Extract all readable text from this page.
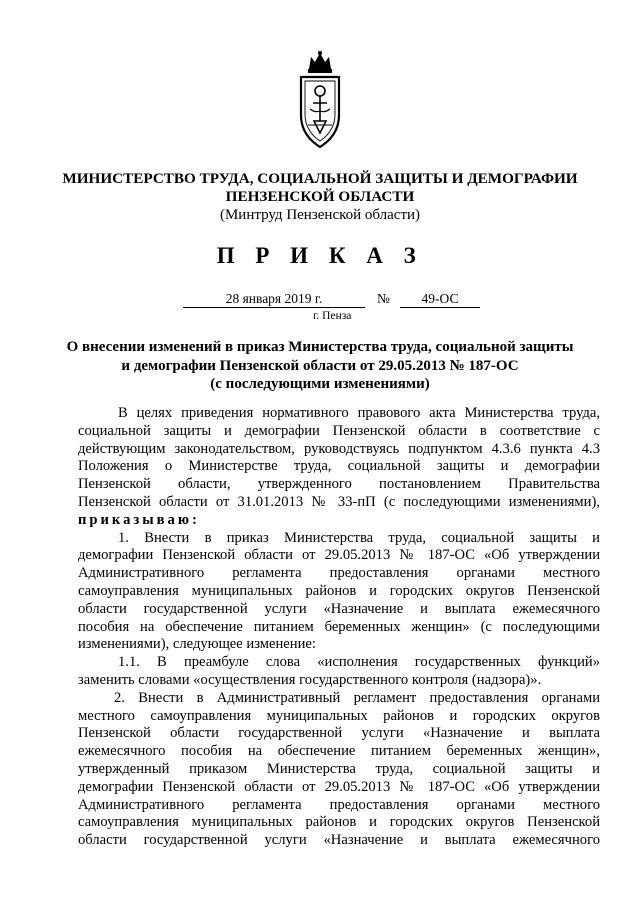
МИНИСТЕРСТВО ТРУДА, СОЦИАЛЬНОЙ ЗАЩИТЫ И ДЕМОГРАФИИ
ПЕНЗЕНСКОЙ ОБЛАСТИ
(Минтруд Пензенской области)
П Р И К А З
28 января 2019 г.	№	49-ОС
г. Пенза
О внесении изменений в приказ Министерства труда, социальной защиты
и демографии Пензенской области от 29.05.2013 № 187-ОС
(с последующими изменениями)
В целях приведения нормативного правового акта Министерства труда,
социальной защиты и демографии Пензенской области в соответствие с
действующим законодательством, руководствуясь подпунктом 4.3.6 пункта 4.3
Положения о Министерстве труда, социальной защиты и демографии
Пензенской области, утвержденного постановлением Правительства
Пензенской области от 31.01.2013 № 33-пП (с последующими изменениями),
приказываю:
1. Внести в приказ Министерства труда, социальной защиты и
демографии Пензенской области от 29.05.2013 № 187-ОС «Об утверждении
Административного регламента предоставления органами местного
самоуправления муниципальных районов и городских округов Пензенской
области государственной услуги «Назначение и выплата ежемесячного
пособия на обеспечение питанием беременных женщин» (с последующими
изменениями), следующее изменение:
1.1. В преамбуле слова «исполнения государственных функций»
заменить словами «осуществления государственного контроля (надзора)».
2. Внести в Административный регламент предоставления органами
местного самоуправления муниципальных районов и городских округов
Пензенской области государственной услуги «Назначение и выплата
ежемесячного пособия на обеспечение питанием беременных женщин»,
утвержденный приказом Министерства труда, социальной защиты и
демографии Пензенской области от 29.05.2013 № 187-ОС «Об утверждении
Административного регламента предоставления органами местного
самоуправления муниципальных районов и городских округов Пензенской
области государственной услуги «Назначение и выплата ежемесячного
